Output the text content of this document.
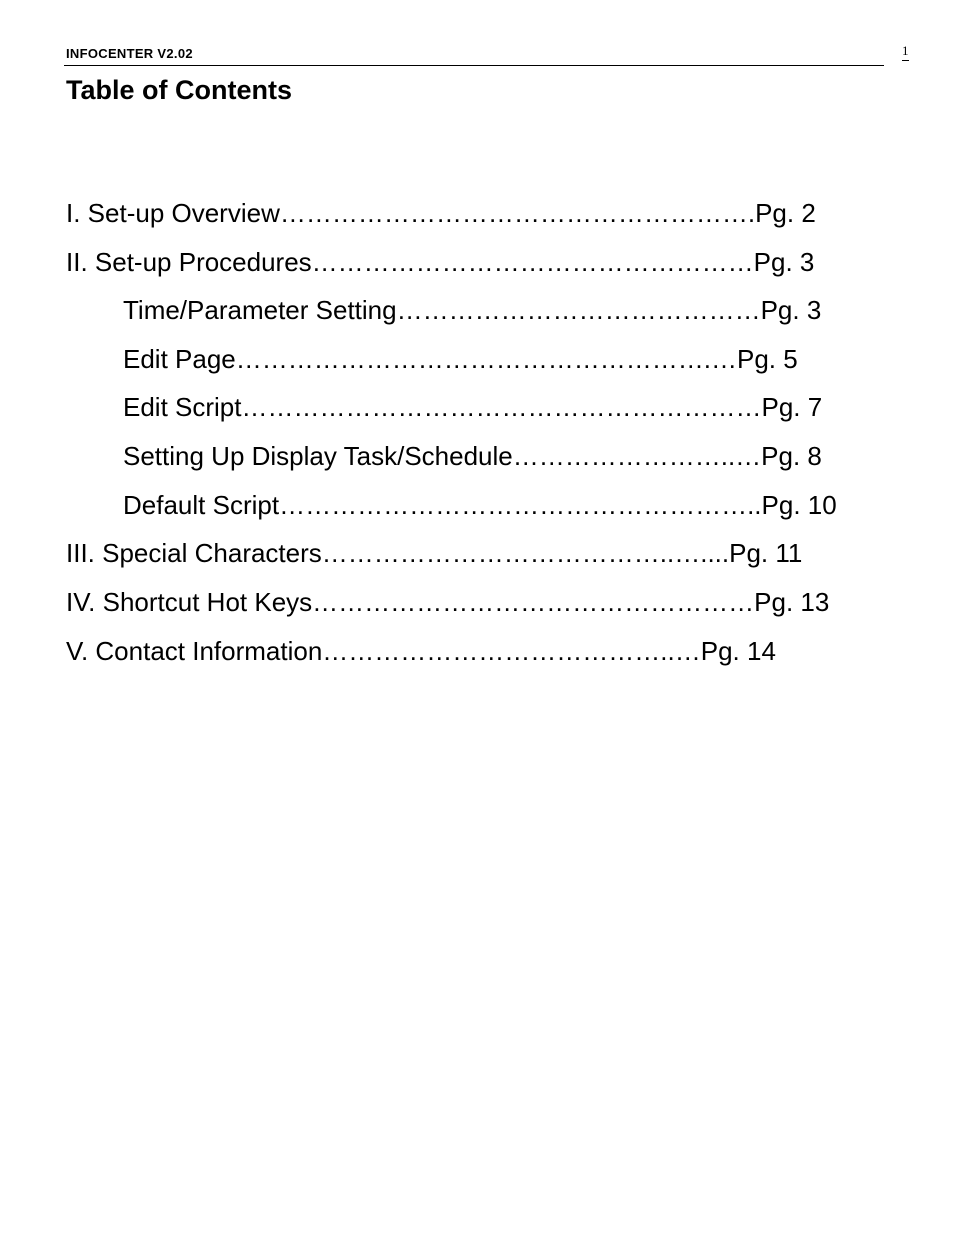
INFOCENTER V2.02	1
Table of Contents
I. Set-up Overview……………………………………………….Pg. 2
II. Set-up Procedures……………………………………………Pg. 3
Time/Parameter Setting……………………………………Pg. 3
Edit Page……………………………………………….…Pg. 5
Edit Script……………………………………………………Pg. 7
Setting Up Display Task/Schedule……………………..…Pg. 8
Default Script………………………………………………..Pg. 10
III. Special Characters…………………………………..…....Pg. 11
IV. Shortcut Hot Keys……………………………………………Pg. 13
V. Contact Information…………………………………..…Pg. 14
